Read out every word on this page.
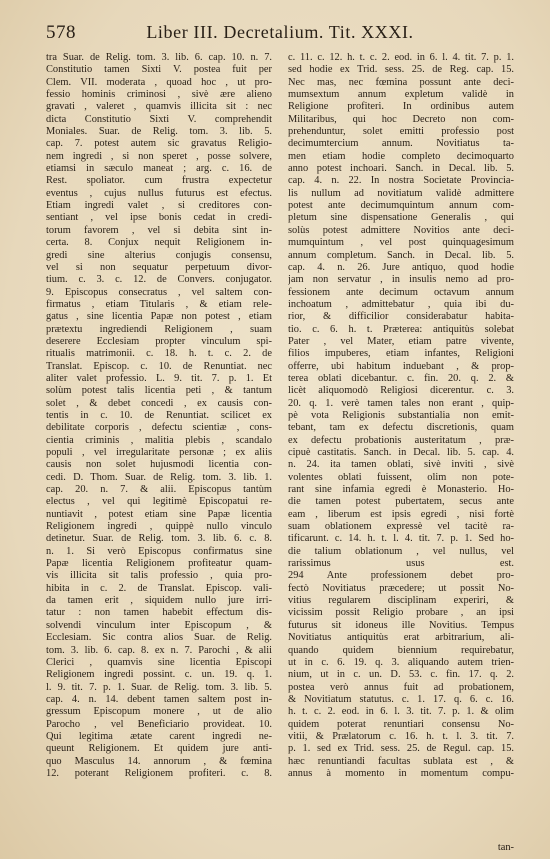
578	Liber III. Decretalium. Tit. XXXI.
tra Suar. de Relig. tom. 3. lib. 6. cap. 10. n. 7.
Constitutio tamen Sixti V. postea fuit per
Clem. VII. moderata , quoad hoc , ut pro-
fessio hominis criminosi , sivè ære alieno
gravati , valeret , quamvis illicita sit : nec
dicta Constitutio Sixti V. comprehendit
Moniales. Suar. de Relig. tom. 3. lib. 5.
cap. 7. potest autem sic gravatus Religio-
nem ingredi , si non speret , posse solvere,
etiamsi in sæculo maneat ; arg. c. 16. de
Rest. spoliator. cum frustra expectetur
eventus , cujus nullus futurus est efectus.
Etiam ingredi valet , si creditores con-
sentiant , vel ipse bonis cedat in credi-
torum favorem , vel si debita sint in-
certa. 8. Conjux nequit Religionem in-
gredi sine alterius conjugis consensu,
vel si non sequatur perpetuum divor-
tium. c. 3. c. 12. de Convers. conjugator.
9. Episcopus consecratus , vel saltem con-
firmatus , etiam Titularis , & etiam rele-
gatus , sine licentia Papæ non potest , etiam
prætextu ingrediendi Religionem , suam
deserere Ecclesiam propter vinculum spi-
ritualis matrimonii. c. 18. h. t. c. 2. de
Translat. Episcop. c. 10. de Renuntiat. nec
aliter valet professio. L. 9. tit. 7. p. 1. Et
solùm potest talis licentia peti , & tantum
solet , & debet concedi , ex causis con-
tentis in c. 10. de Renuntiat. scilicet ex
debilitate corporis , defectu scientiæ , cons-
cientia criminis , malitia plebis , scandalo
populi , vel irregularitate personæ ; ex aliis
causis non solet hujusmodi licentia con-
cedi. D. Thom. Suar. de Relig. tom. 3. lib. 1.
cap. 20. n. 7. & alii. Episcopus tantùm
electus , vel qui legitimè Episcopatui re-
nuntiavit , potest etiam sine Papæ licentia
Religionem ingredi , quippè nullo vinculo
detinetur. Suar. de Relig. tom. 3. lib. 6. c. 8.
n. 1. Si verò Episcopus confirmatus sine
Papæ licentia Religionem profiteatur quam-
vis illicita sit talis professio , quia pro-
hibita in c. 2. de Translat. Episcop. vali-
da tamen erit , siquidem nullo jure irri-
tatur : non tamen habebit effectum dis-
solvendi vinculum inter Episcopum , &
Ecclesiam. Sic contra alios Suar. de Relig.
tom. 3. lib. 6. cap. 8. ex n. 7. Parochi , & alii
Clerici , quamvis sine licentia Episcopi
Religionem ingredi possint. c. un. 19. q. 1.
l. 9. tit. 7. p. 1. Suar. de Relig. tom. 3. lib. 5.
cap. 4. n. 14. debent tamen saltem post in-
gressum Episcopum monere , ut de alio
Parocho , vel Beneficiario provideat. 10.
Qui legitima ætate carent ingredi ne-
queunt Religionem. Et quidem jure anti-
quo Masculus 14. annorum , & fœmina
12. poterant Religionem profiteri. c. 8.
c. 11. c. 12. h. t. c. 2. eod. in 6. l. 4. tit. 7. p. 1.
sed hodie ex Trid. sess. 25. de Reg. cap. 15.
Nec mas, nec fœmina possunt ante deci-
mumsextum annum expletum validè in
Religione profiteri. In ordinibus autem
Militaribus, qui hoc Decreto non com-
prehenduntur, solet emitti professio post
decimumtercium annum. Novitiatus ta-
men etiam hodie completo decimoquarto
anno potest inchoari. Sanch. in Decal. lib. 5.
cap. 4. n. 22. In nostra Societate Provincia-
lis nullum ad novitiatum validè admittere
potest ante decimumquintum annum com-
pletum sine dispensatione Generalis , qui
solùs potest admittere Novitios ante deci-
mumquintum , vel post quinquagesimum
annum completum. Sanch. in Decal. lib. 5.
cap. 4. n. 26. Jure antiquo, quod hodie
jam non servatur , in insulis nemo ad pro-
fessionem ante decimum octavum annum
inchoatum , admittebatur , quia ibi du-
rior, & difficilior considerabatur habita-
tio. c. 6. h. t. Præterea: antiquitùs solebat
Pater , vel Mater, etiam patre vivente,
filios impuberes, etiam infantes, Religioni
offerre, ubi habitum induebant , & prop-
terea oblati dicebantur. c. fin. 20. q. 2. &
licèt aliquomodò Religiosi dicerentur. c. 3.
20. q. 1. verè tamen tales non erant , quip-
pè vota Religionis substantialia non emit-
tebant, tam ex defectu discretionis, quam
ex defectu probationis austeritatum , præ-
cipuè castitatis. Sanch. in Decal. lib. 5. cap. 4.
n. 24. ita tamen oblati, sivè inviti , sivè
volentes oblati fuissent, olim non pote-
rant sine infamia egredi è Monasterio. Ho-
die tamen potest pubertatem, secus ante
eam , liberum est ipsis egredi , nisi fortè
suam oblationem expressè vel tacitè ra-
tificarunt. c. 14. h. t. l. 4. tit. 7. p. 1. Sed ho-
die talium oblationum , vel nullus, vel
rarissimus usus est.
294 Ante professionem debet pro-
fectò Novitiatus præcedere; ut possit No-
vitius regularem disciplinam experiri, &
vicissim possit Religio probare , an ipsi
futurus sit idoneus ille Novitius. Tempus
Novitiatus antiquitùs erat arbitrarium, ali-
quando quidem biennium requirebatur,
ut in c. 6. 19. q. 3. aliquando autem trien-
nium, ut in c. un. D. 53. c. fin. 17. q. 2.
postea verò annus fuit ad probationem,
& Novitiatum statutus. c. 1. 17. q. 6. c. 16.
h. t. c. 2. eod. in 6. l. 3. tit. 7. p. 1. & olim
quidem poterat renuntiari consensu No-
vitii, & Prælatorum c. 16. h. t. l. 3. tit. 7.
p. 1. sed ex Trid. sess. 25. de Regul. cap. 15.
hæc renuntiandi facultas sublata est , &
annus à momento in momentum compu-
tan-
